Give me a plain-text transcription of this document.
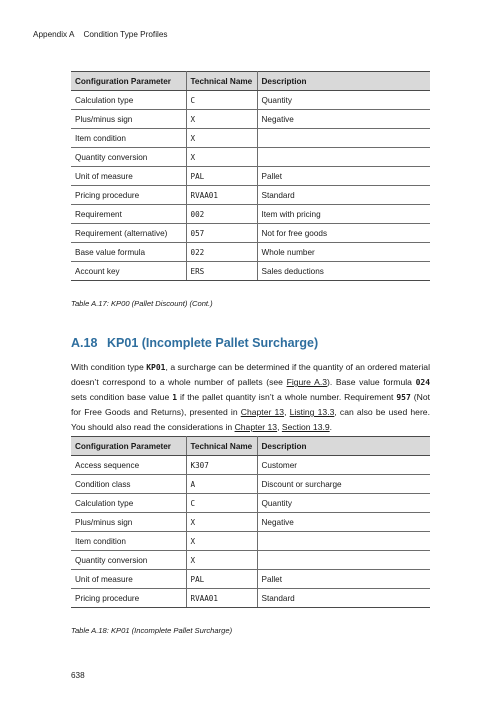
Appendix A Condition Type Profiles
Configuration Parameter	Technical Name	Description
Calculation type	C	Quantity
Plus/minus sign	X	Negative
Item condition	X	
Quantity conversion	X	
Unit of measure	PAL	Pallet
Pricing procedure	RVAA01	Standard
Requirement	002	Item with pricing
Requirement (alternative)	057	Not for free goods
Base value formula	022	Whole number
Account key	ERS	Sales deductions
Table A.17: KP00 (Pallet Discount) (Cont.)
A.18 KP01 (Incomplete Pallet Surcharge)
With condition type KP01, a surcharge can be determined if the quantity of an ordered material doesn’t correspond to a whole number of pallets (see Figure A.3). Base value formula 024 sets condition base value 1 if the pallet quantity isn’t a whole number. Requirement 957 (Not for Free Goods and Returns), presented in Chapter 13, Listing 13.3, can also be used here. You should also read the considerations in Chapter 13, Section 13.9.
Configuration Parameter	Technical Name	Description
Access sequence	K307	Customer
Condition class	A	Discount or surcharge
Calculation type	C	Quantity
Plus/minus sign	X	Negative
Item condition	X	
Quantity conversion	X	
Unit of measure	PAL	Pallet
Pricing procedure	RVAA01	Standard
Table A.18: KP01 (Incomplete Pallet Surcharge)
638
